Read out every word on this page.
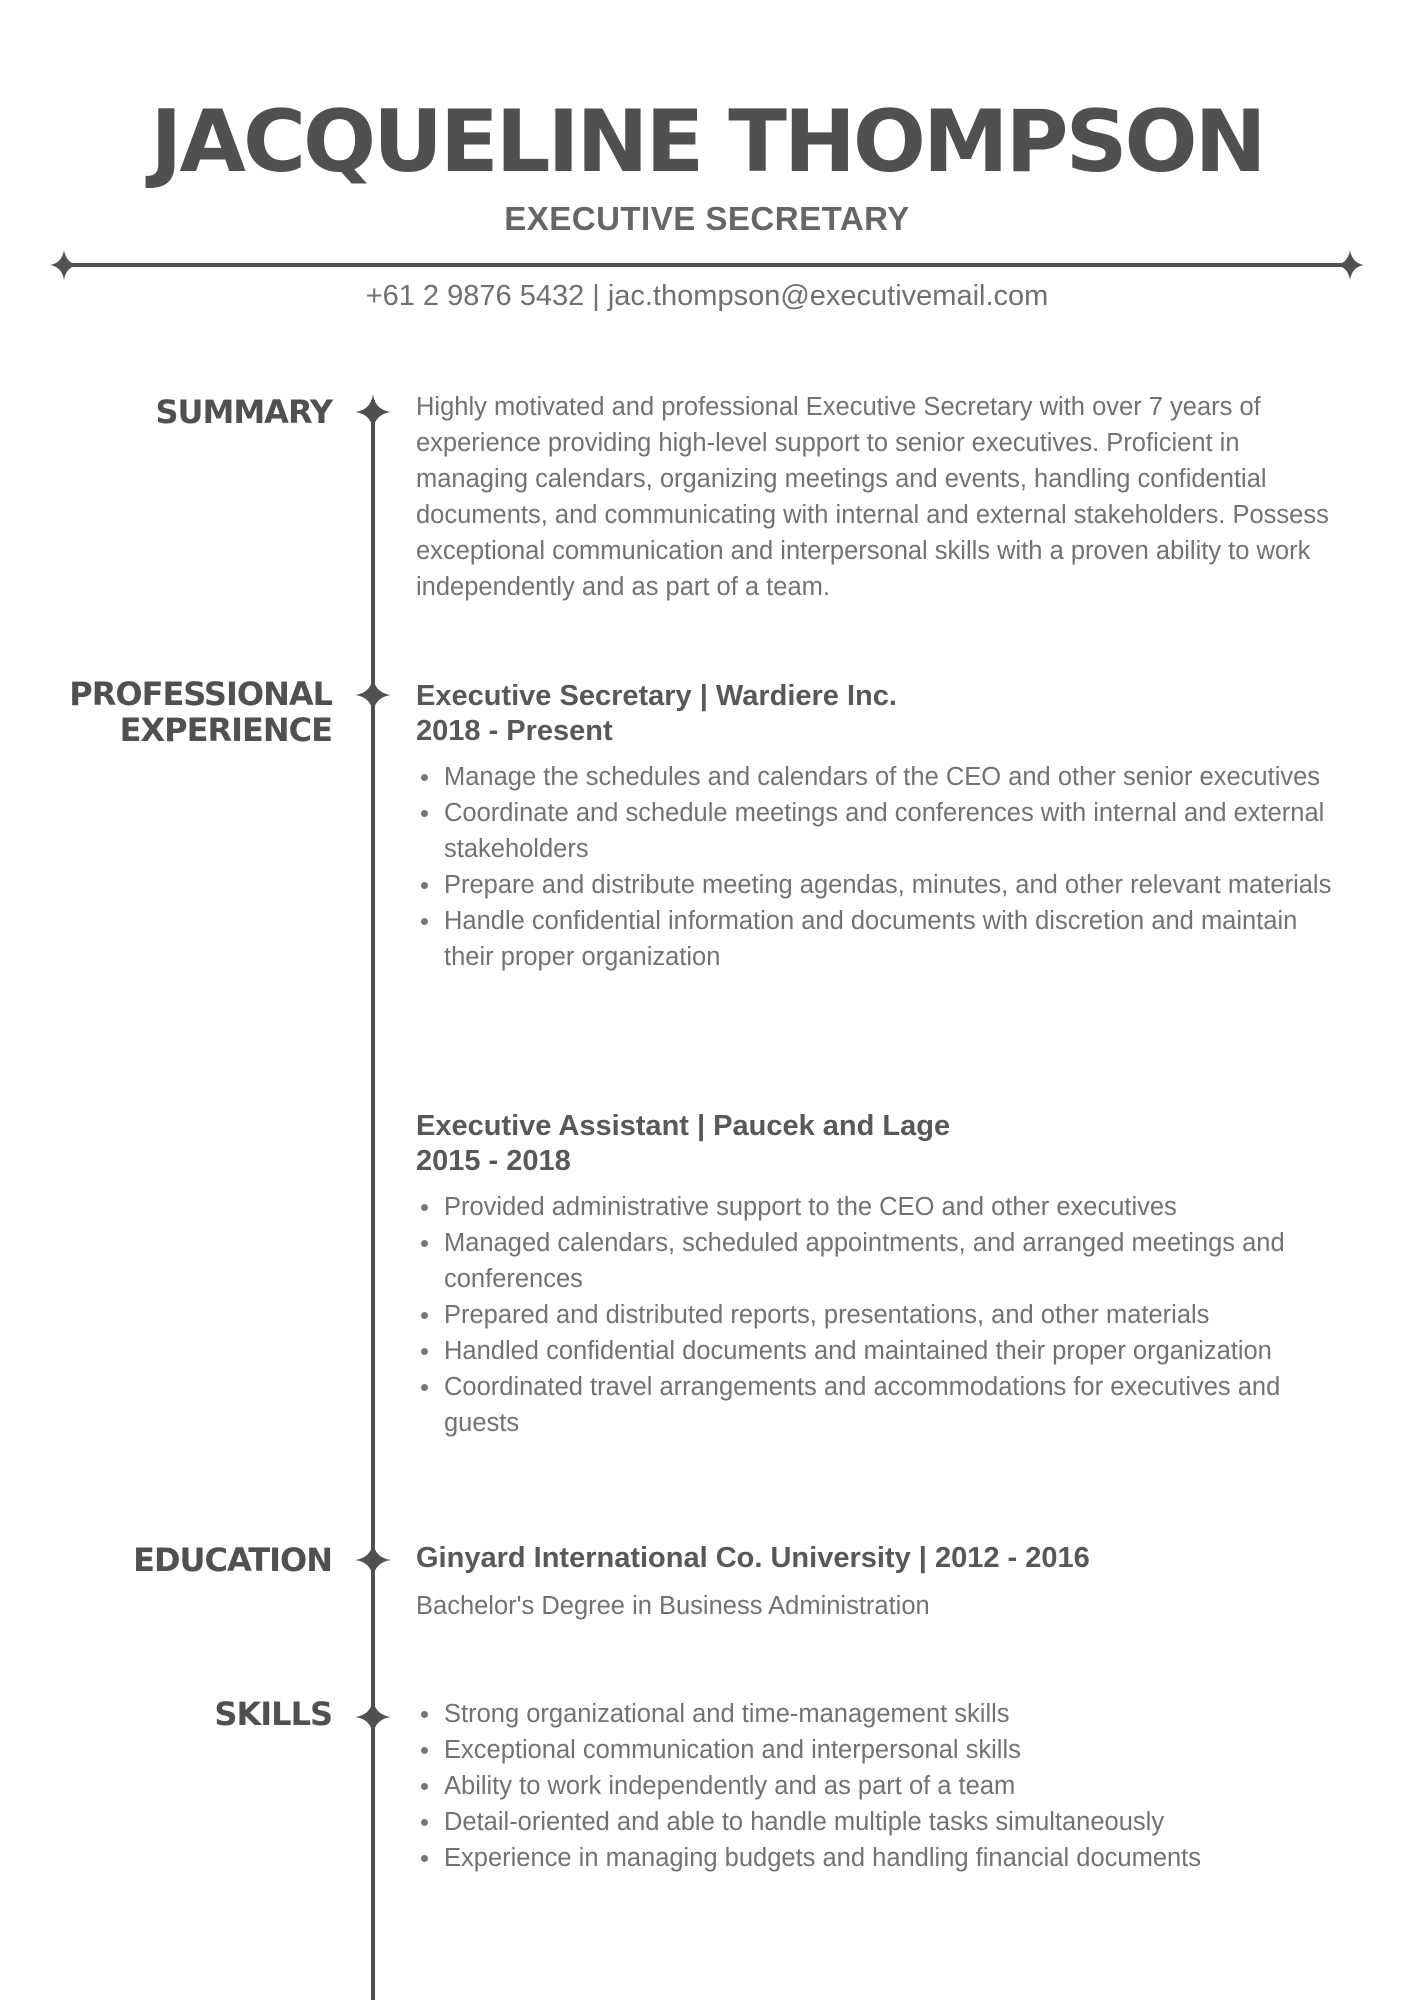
JACQUELINE THOMPSON
EXECUTIVE SECRETARY
+61 2 9876 5432 | jac.thompson@executivemail.com
SUMMARY	Highly motivated and professional Executive Secretary with over 7 years of experience providing high-level support to senior executives. Proficient in managing calendars, organizing meetings and events, handling confidential documents, and communicating with internal and external stakeholders. Possess exceptional communication and interpersonal skills with a proven ability to work independently and as part of a team.

PROFESSIONAL
EXPERIENCE
Executive Secretary | Wardiere Inc.
2018 - Present
Manage the schedules and calendars of the CEO and other senior executives
Coordinate and schedule meetings and conferences with internal and external stakeholders
Prepare and distribute meeting agendas, minutes, and other relevant materials
Handle confidential information and documents with discretion and maintain their proper organization
Executive Assistant | Paucek and Lage
2015 - 2018
Provided administrative support to the CEO and other executives
Managed calendars, scheduled appointments, and arranged meetings and conferences
Prepared and distributed reports, presentations, and other materials
Handled confidential documents and maintained their proper organization
Coordinated travel arrangements and accommodations for executives and guests
EDUCATION	Ginyard International Co. University | 2012 - 2016
Bachelor's Degree in Business Administration
SKILLS	Strong organizational and time-management skills
Exceptional communication and interpersonal skills
Ability to work independently and as part of a team
Detail-oriented and able to handle multiple tasks simultaneously
Experience in managing budgets and handling financial documents
